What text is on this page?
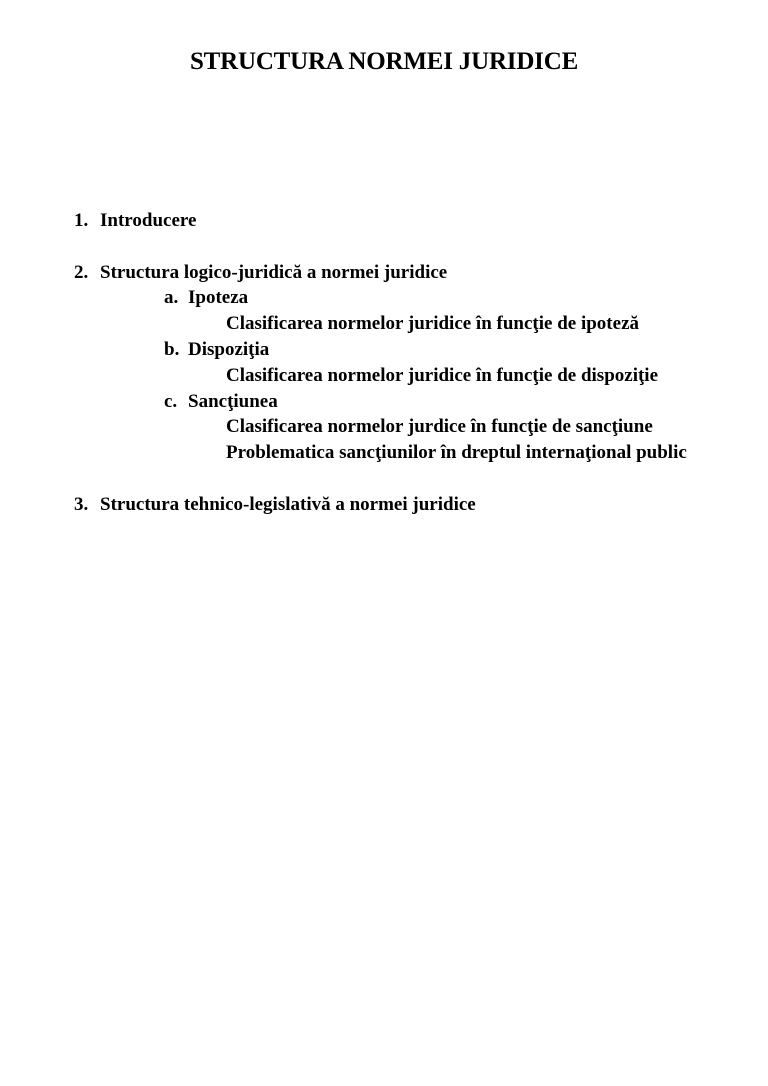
STRUCTURA NORMEI JURIDICE
1. Introducere
2. Structura logico-juridică a normei juridice
a. Ipoteza
Clasificarea normelor juridice în funcţie de ipoteză
b. Dispoziţia
Clasificarea normelor juridice în funcţie de dispoziţie
c. Sancţiunea
Clasificarea normelor jurdice în funcţie de sancţiune
Problematica sancţiunilor în dreptul internaţional public
3. Structura tehnico-legislativă a normei juridice
